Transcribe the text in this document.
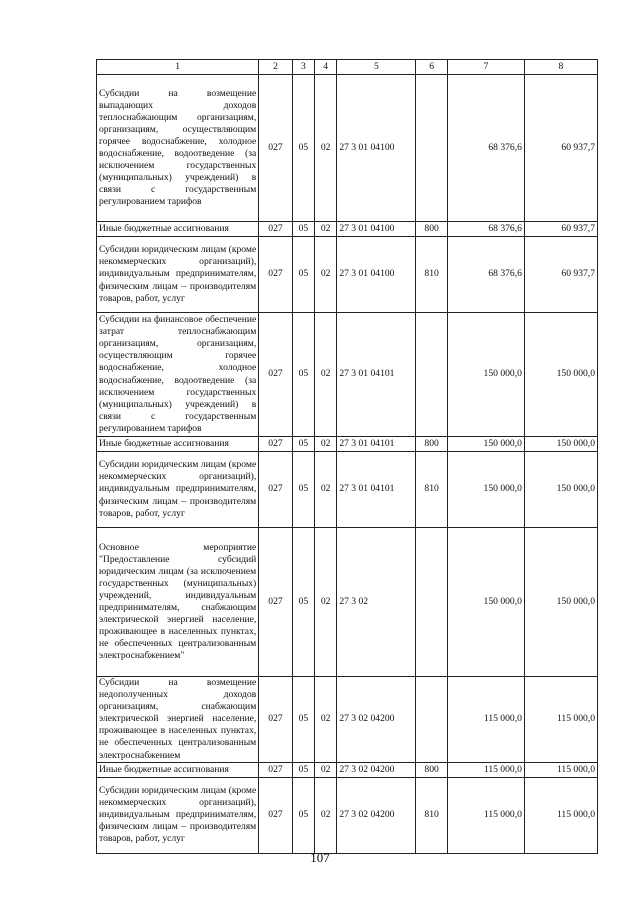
1	2	3	4	5	6	7	8
Субсидии на возмещение выпадающих доходов теплоснабжающим организациям, организациям, осуществляющим горячее водоснабжение, холодное водоснабжение, водоотведение (за исключением государственных (муниципальных) учреждений) в связи с государственным регулированием тарифов	027	05	02	27 3 01 04100		68 376,6	60 937,7
Иные бюджетные ассигнования	027	05	02	27 3 01 04100	800	68 376,6	60 937,7
Субсидии юридическим лицам (кроме некоммерческих организаций), индивидуальным предпринимателям, физическим лицам – производителям товаров, работ, услуг	027	05	02	27 3 01 04100	810	68 376,6	60 937,7
Субсидии на финансовое обеспечение затрат теплоснабжающим организациям, организациям, осуществляющим горячее водоснабжение, холодное водоснабжение, водоотведение (за исключением государственных (муниципальных) учреждений) в связи с государственным регулированием тарифов	027	05	02	27 3 01 04101		150 000,0	150 000,0
Иные бюджетные ассигнования	027	05	02	27 3 01 04101	800	150 000,0	150 000,0
Субсидии юридическим лицам (кроме некоммерческих организаций), индивидуальным предпринимателям, физическим лицам – производителям товаров, работ, услуг	027	05	02	27 3 01 04101	810	150 000,0	150 000,0
Основное мероприятие "Предоставление субсидий юридическим лицам (за исключением государственных (муниципальных) учреждений, индивидуальным предпринимателям, снабжающим электрической энергией население, проживающее в населенных пунктах, не обеспеченных централизованным электроснабжением"	027	05	02	27 3 02		150 000,0	150 000,0
Субсидии на возмещение недополученных доходов организациям, снабжающим электрической энергией население, проживающее в населенных пунктах, не обеспеченных централизованным электроснабжением	027	05	02	27 3 02 04200		115 000,0	115 000,0
Иные бюджетные ассигнования	027	05	02	27 3 02 04200	800	115 000,0	115 000,0
Субсидии юридическим лицам (кроме некоммерческих организаций), индивидуальным предпринимателям, физическим лицам – производителям товаров, работ, услуг	027	05	02	27 3 02 04200	810	115 000,0	115 000,0
107
